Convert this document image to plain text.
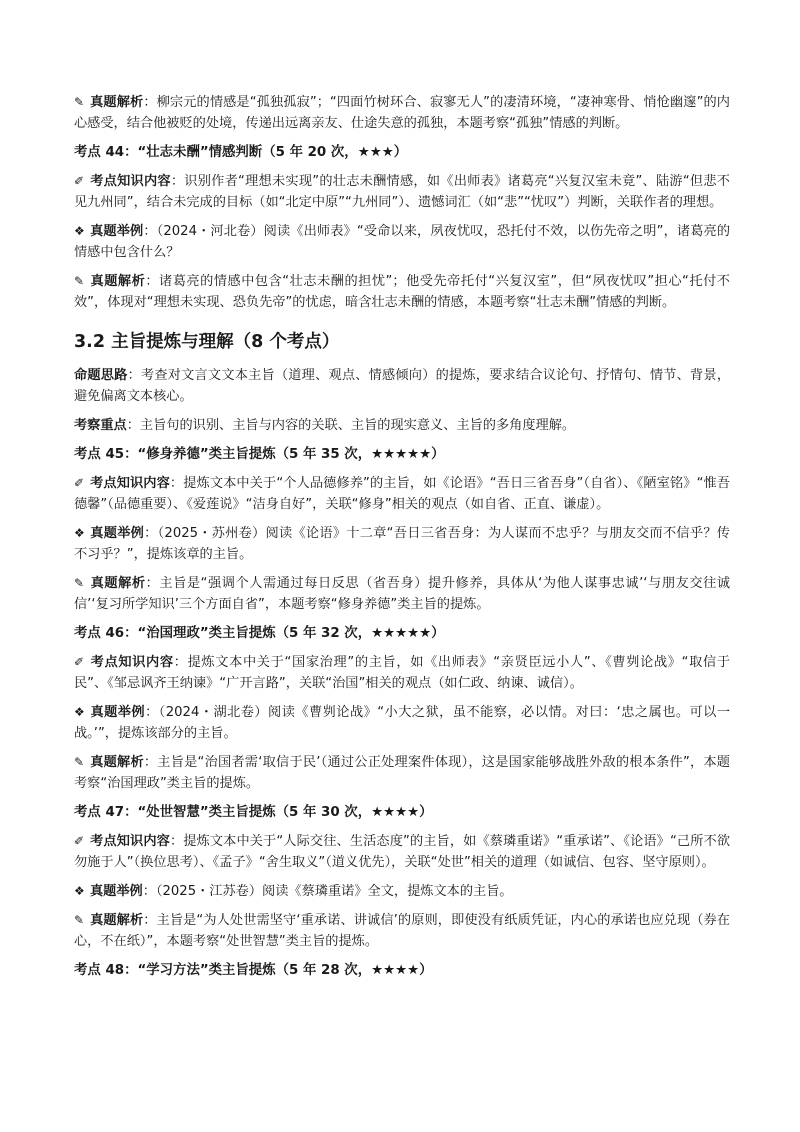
✎ 真题解析：柳宗元的情感是“孤独孤寂”；“四面竹树环合、寂寥无人”的凄清环境，“凄神寒骨、悄怆幽邃”的内心感受，结合他被贬的处境，传递出远离亲友、仕途失意的孤独，本题考察“孤独”情感的判断。

考点 44：“壮志未酬”情感判断（5 年 20 次，★★★）

✐ 考点知识内容：识别作者“理想未实现”的壮志未酬情感，如《出师表》诸葛亮“兴复汉室未竟”、陆游“但悲不见九州同”，结合未完成的目标（如“北定中原”“九州同”）、遗憾词汇（如“悲”“忧叹”）判断，关联作者的理想。

❖ 真题举例：（2024・河北卷）阅读《出师表》“受命以来，夙夜忧叹，恐托付不效，以伤先帝之明”，诸葛亮的情感中包含什么？

✎ 真题解析：诸葛亮的情感中包含“壮志未酬的担忧”；他受先帝托付“兴复汉室”，但“夙夜忧叹”担心“托付不效”，体现对“理想未实现、恐负先帝”的忧虑，暗含壮志未酬的情感，本题考察“壮志未酬”情感的判断。

3.2 主旨提炼与理解（8 个考点）

命题思路：考查对文言文文本主旨（道理、观点、情感倾向）的提炼，要求结合议论句、抒情句、情节、背景，避免偏离文本核心。

考察重点：主旨句的识别、主旨与内容的关联、主旨的现实意义、主旨的多角度理解。

考点 45：“修身养德”类主旨提炼（5 年 35 次，★★★★★）

✐ 考点知识内容：提炼文本中关于“个人品德修养”的主旨，如《论语》“吾日三省吾身”（自省）、《陋室铭》“惟吾德馨”（品德重要）、《爱莲说》“洁身自好”，关联“修身”相关的观点（如自省、正直、谦虚）。

❖ 真题举例：（2025・苏州卷）阅读《论语》十二章“吾日三省吾身：为人谋而不忠乎？与朋友交而不信乎？传不习乎？”，提炼该章的主旨。

✎ 真题解析：主旨是“强调个人需通过每日反思（省吾身）提升修养，具体从‘为他人谋事忠诚’‘与朋友交往诚信’‘复习所学知识’三个方面自省”，本题考察“修身养德”类主旨的提炼。

考点 46：“治国理政”类主旨提炼（5 年 32 次，★★★★★）

✐ 考点知识内容：提炼文本中关于“国家治理”的主旨，如《出师表》“亲贤臣远小人”、《曹刿论战》“取信于民”、《邹忌讽齐王纳谏》“广开言路”，关联“治国”相关的观点（如仁政、纳谏、诚信）。

❖ 真题举例：（2024・湖北卷）阅读《曹刿论战》“小大之狱，虽不能察，必以情。对曰：‘忠之属也。可以一战。’”，提炼该部分的主旨。

✎ 真题解析：主旨是“治国者需‘取信于民’（通过公正处理案件体现），这是国家能够战胜外敌的根本条件”，本题考察“治国理政”类主旨的提炼。

考点 47：“处世智慧”类主旨提炼（5 年 30 次，★★★★）

✐ 考点知识内容：提炼文本中关于“人际交往、生活态度”的主旨，如《蔡璘重诺》“重承诺”、《论语》“己所不欲勿施于人”（换位思考）、《孟子》“舍生取义”（道义优先），关联“处世”相关的道理（如诚信、包容、坚守原则）。

❖ 真题举例：（2025・江苏卷）阅读《蔡璘重诺》全文，提炼文本的主旨。

✎ 真题解析：主旨是“为人处世需坚守‘重承诺、讲诚信’的原则，即使没有纸质凭证，内心的承诺也应兑现（券在心，不在纸）”，本题考察“处世智慧”类主旨的提炼。

考点 48：“学习方法”类主旨提炼（5 年 28 次，★★★★）
